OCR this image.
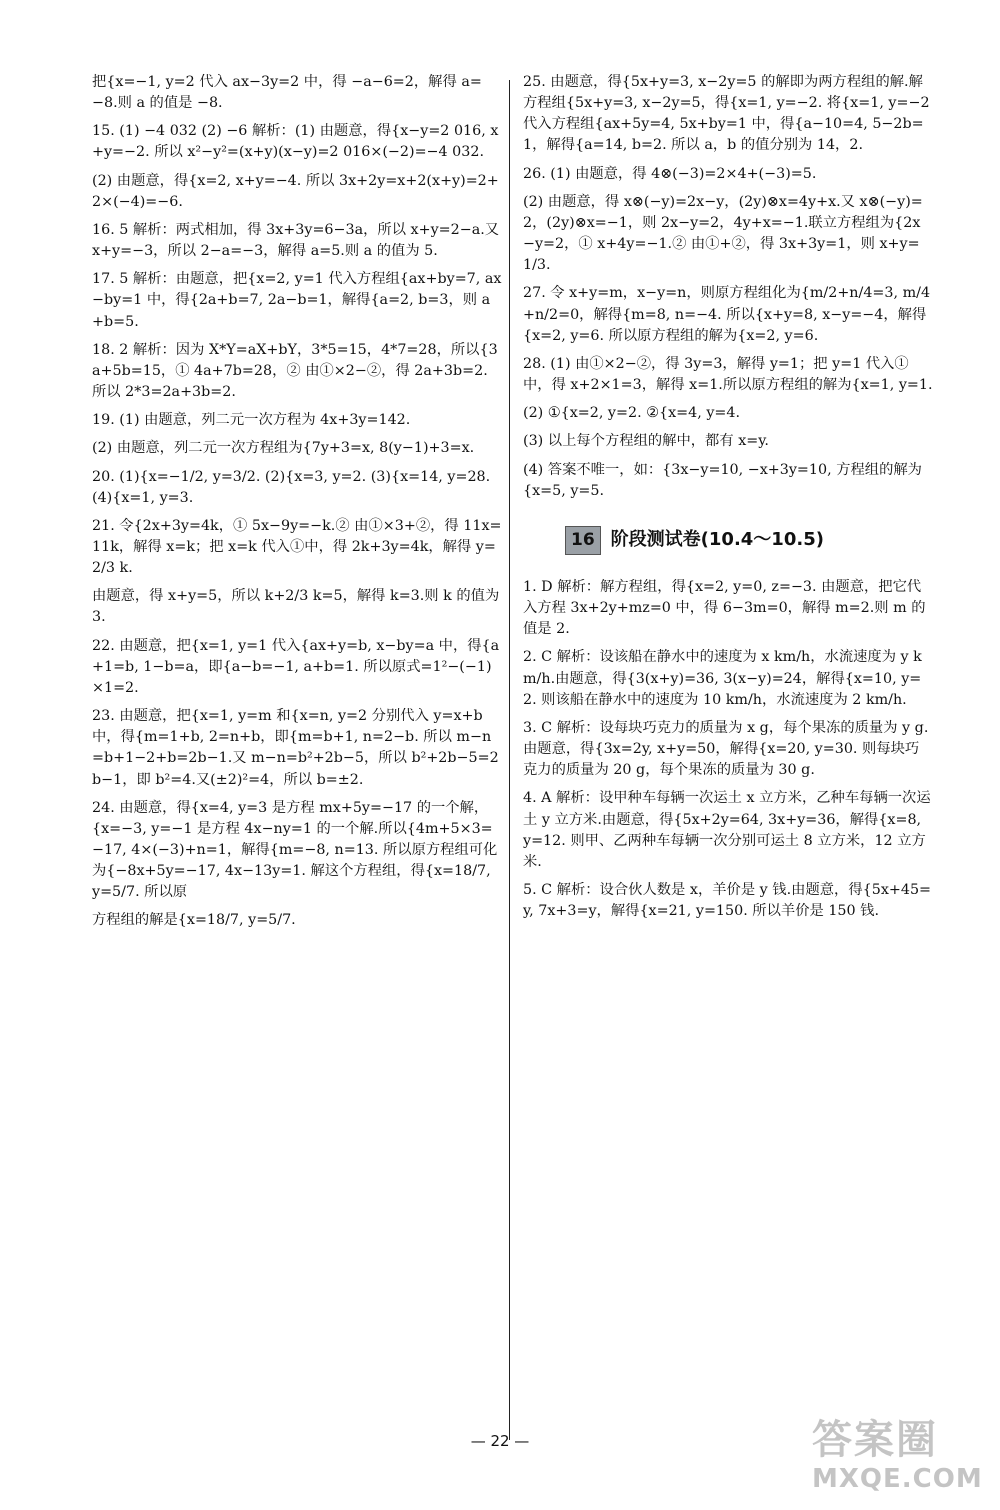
把{x=−1, y=2 代入 ax−3y=2 中，得 −a−6=2，解得 a=−8.则 a 的值是 −8.

15. (1) −4 032 (2) −6 解析：(1) 由题意，得{x−y=2 016, x+y=−2. 所以 x²−y²=(x+y)(x−y)=2 016×(−2)=−4 032.

(2) 由题意，得{x=2, x+y=−4. 所以 3x+2y=x+2(x+y)=2+2×(−4)=−6.

16. 5 解析：两式相加，得 3x+3y=6−3a，所以 x+y=2−a.又 x+y=−3，所以 2−a=−3，解得 a=5.则 a 的值为 5.

17. 5 解析：由题意，把{x=2, y=1 代入方程组{ax+by=7, ax−by=1 中，得{2a+b=7, 2a−b=1，解得{a=2, b=3，则 a+b=5.

18. 2 解析：因为 X*Y=aX+bY，3*5=15，4*7=28，所以{3a+5b=15，① 4a+7b=28，② 由①×2−②，得 2a+3b=2. 所以 2*3=2a+3b=2.

19. (1) 由题意，列二元一次方程为 4x+3y=142.

(2) 由题意，列二元一次方程组为{7y+3=x, 8(y−1)+3=x.

20. (1){x=−1/2, y=3/2. (2){x=3, y=2. (3){x=14, y=28. (4){x=1, y=3.

21. 令{2x+3y=4k，① 5x−9y=−k.② 由①×3+②，得 11x=11k，解得 x=k；把 x=k 代入①中，得 2k+3y=4k，解得 y=2/3 k.

由题意，得 x+y=5，所以 k+2/3 k=5，解得 k=3.则 k 的值为 3.

22. 由题意，把{x=1, y=1 代入{ax+y=b, x−by=a 中，得{a+1=b, 1−b=a，即{a−b=−1, a+b=1. 所以原式=1²−(−1)×1=2.

23. 由题意，把{x=1, y=m 和{x=n, y=2 分别代入 y=x+b 中，得{m=1+b, 2=n+b，即{m=b+1, n=2−b. 所以 m−n=b+1−2+b=2b−1.又 m−n=b²+2b−5，所以 b²+2b−5=2b−1，即 b²=4.又(±2)²=4，所以 b=±2.

24. 由题意，得{x=4, y=3 是方程 mx+5y=−17 的一个解，{x=−3, y=−1 是方程 4x−ny=1 的一个解.所以{4m+5×3=−17, 4×(−3)+n=1，解得{m=−8, n=13. 所以原方程组可化为{−8x+5y=−17, 4x−13y=1. 解这个方程组，得{x=18/7, y=5/7. 所以原

方程组的解是{x=18/7, y=5/7.

25. 由题意，得{5x+y=3, x−2y=5 的解即为两方程组的解.解方程组{5x+y=3, x−2y=5，得{x=1, y=−2. 将{x=1, y=−2 代入方程组{ax+5y=4, 5x+by=1 中，得{a−10=4, 5−2b=1，解得{a=14, b=2. 所以 a，b 的值分别为 14，2.

26. (1) 由题意，得 4⊗(−3)=2×4+(−3)=5.

(2) 由题意，得 x⊗(−y)=2x−y，(2y)⊗x=4y+x.又 x⊗(−y)=2，(2y)⊗x=−1，则 2x−y=2，4y+x=−1.联立方程组为{2x−y=2，① x+4y=−1.② 由①+②，得 3x+3y=1，则 x+y=1/3.

27. 令 x+y=m，x−y=n，则原方程组化为{m/2+n/4=3, m/4+n/2=0，解得{m=8, n=−4. 所以{x+y=8, x−y=−4，解得{x=2, y=6. 所以原方程组的解为{x=2, y=6.

28. (1) 由①×2−②，得 3y=3，解得 y=1；把 y=1 代入①中，得 x+2×1=3，解得 x=1.所以原方程组的解为{x=1, y=1.

(2) ①{x=2, y=2. ②{x=4, y=4.

(3) 以上每个方程组的解中，都有 x=y.

(4) 答案不唯一，如：{3x−y=10, −x+3y=10, 方程组的解为{x=5, y=5.

16 阶段测试卷(10.4～10.5)

1. D 解析：解方程组，得{x=2, y=0, z=−3. 由题意，把它代入方程 3x+2y+mz=0 中，得 6−3m=0，解得 m=2.则 m 的值是 2.

2. C 解析：设该船在静水中的速度为 x km/h，水流速度为 y km/h.由题意，得{3(x+y)=36, 3(x−y)=24，解得{x=10, y=2. 则该船在静水中的速度为 10 km/h，水流速度为 2 km/h.

3. C 解析：设每块巧克力的质量为 x g，每个果冻的质量为 y g.由题意，得{3x=2y, x+y=50，解得{x=20, y=30. 则每块巧克力的质量为 20 g，每个果冻的质量为 30 g.

4. A 解析：设甲种车每辆一次运土 x 立方米，乙种车每辆一次运土 y 立方米.由题意，得{5x+2y=64, 3x+y=36，解得{x=8, y=12. 则甲、乙两种车每辆一次分别可运土 8 立方米，12 立方米.

5. C 解析：设合伙人数是 x，羊价是 y 钱.由题意，得{5x+45=y, 7x+3=y，解得{x=21, y=150. 所以羊价是 150 钱.

— 22 —	答案圈
MXQE.COM
